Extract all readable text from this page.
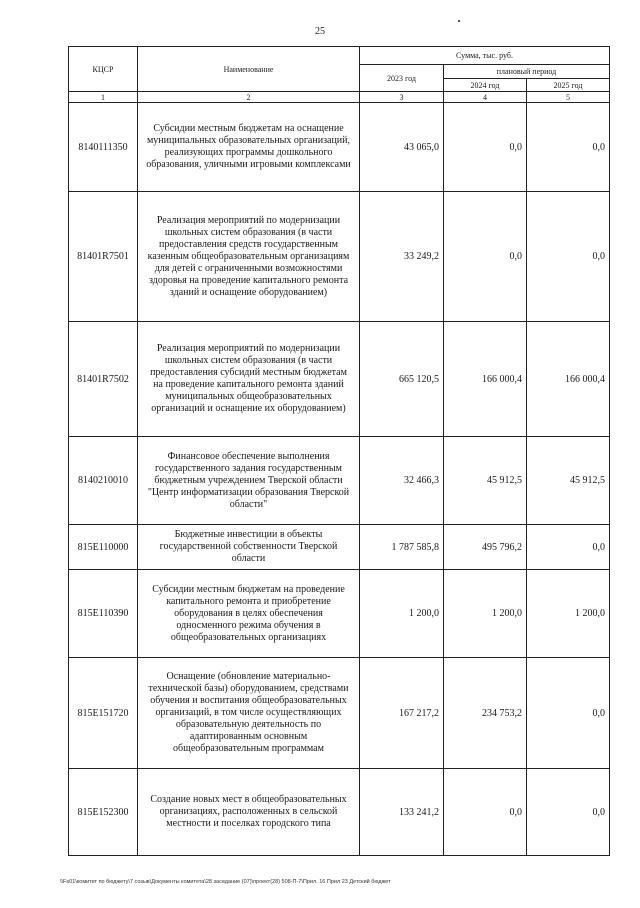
25
КЦСР	Наименование	Сумма, тыс. руб.		
		2023 год	плановый период	
			2024 год	2025 год
1	2	3	4	5
8140111350	Субсидии местным бюджетам на оснащение муниципальных образовательных организаций, реализующих программы дошкольного образования, уличными игровыми комплексами	43 065,0	0,0	0,0
81401R7501	Реализация мероприятий по модернизации школьных систем образования (в части предоставления средств государственным казенным общеобразовательным организациям для детей с ограниченными возможностями здоровья на проведение капитального ремонта зданий и оснащение оборудованием)	33 249,2	0,0	0,0
81401R7502	Реализация мероприятий по модернизации школьных систем образования (в части предоставления субсидий местным бюджетам на проведение капитального ремонта зданий муниципальных общеобразовательных организаций и оснащение их оборудованием)	665 120,5	166 000,4	166 000,4
8140210010	Финансовое обеспечение выполнения государственного задания государственным бюджетным учреждением Тверской области "Центр информатизации образования Тверской области"	32 466,3	45 912,5	45 912,5
815E110000	Бюджетные инвестиции в объекты государственной собственности Тверской области	1 787 585,8	495 796,2	0,0
815E110390	Субсидии местным бюджетам на проведение капитального ремонта и приобретение оборудования в целях обеспечения односменного режима обучения в общеобразовательных организациях	1 200,0	1 200,0	1 200,0
815E151720	Оснащение (обновление материально-технической базы) оборудованием, средствами обучения и воспитания общеобразовательных организаций, в том числе осуществляющих образовательную деятельность по адаптированным основным общеобразовательным программам	167 217,2	234 753,2	0,0
815E152300	Создание новых мест в общеобразовательных организациях, расположенных в сельской местности и поселках городского типа	133 241,2	0,0	0,0
\\Fs01\комитет по бюджету\7 созыв\Документы комитета\28 заседание (07)\проект(28) 508-П-7\Прил. 16 Прил 23 Детский бюджет
